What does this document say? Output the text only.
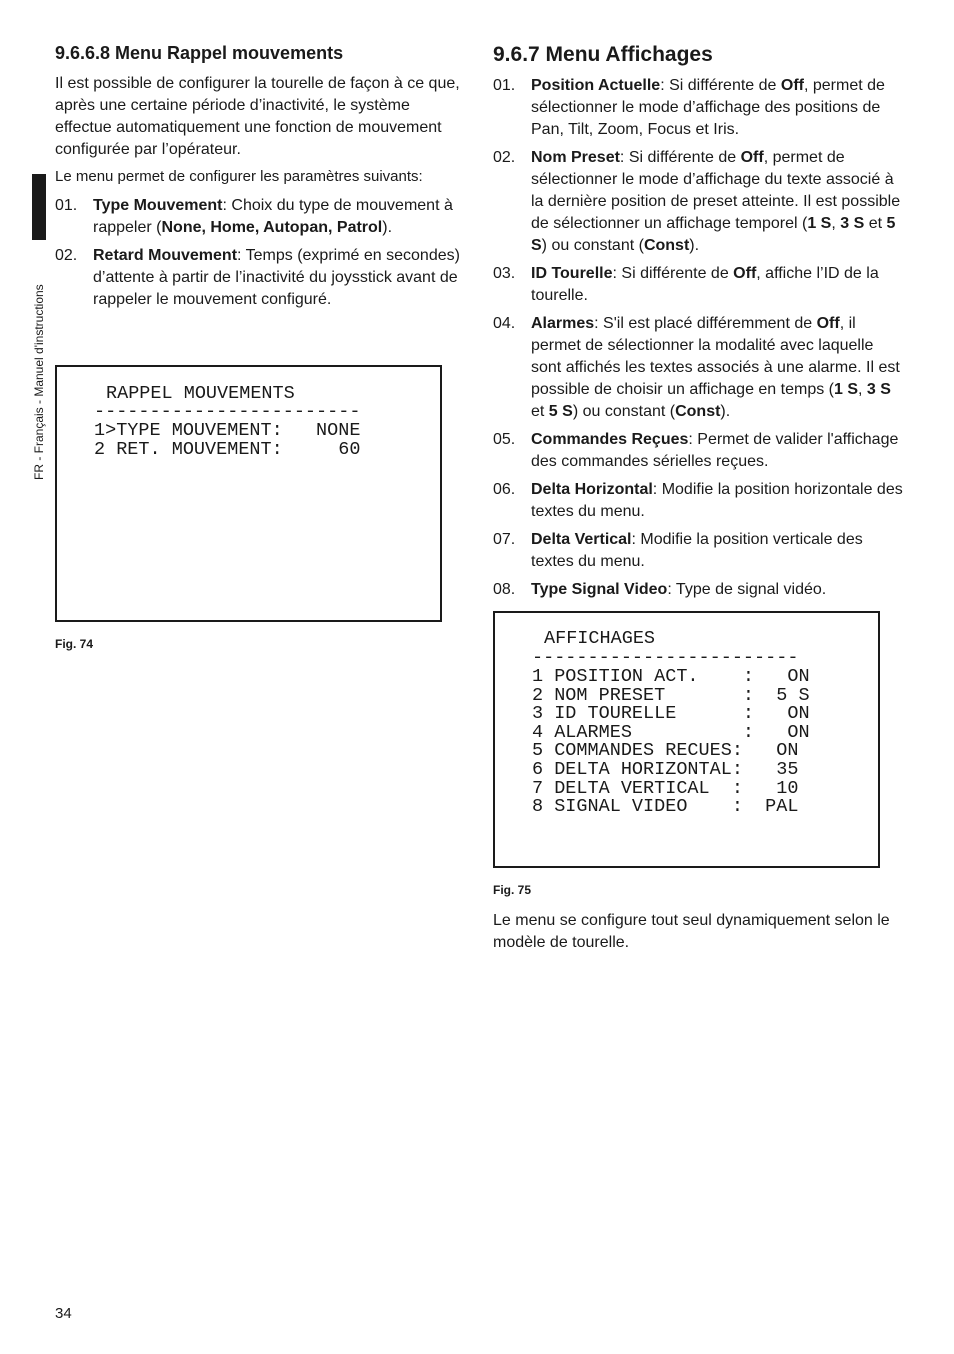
FR - Français - Manuel d'instructions
9.6.6.8 Menu Rappel mouvements

Il est possible de configurer la tourelle de façon à ce que, après une certaine période d’inactivité, le système effectue automatiquement une fonction de mouvement configurée par l’opérateur.

Le menu permet de configurer les paramètres suivants:

01. Type Mouvement: Choix du type de mouvement à rappeler (None, Home, Autopan, Patrol).
02. Retard Mouvement: Temps (exprimé en secondes) d’attente à partir de l’inactivité du joysstick avant de rappeler le mouvement configuré.

RAPPEL MOUVEMENTS

------------------------

1>TYPE MOUVEMENT:   NONE

2 RET. MOUVEMENT:     60

Fig. 74
9.6.7 Menu Affichages
01. Position Actuelle: Si différente de Off, permet de sélectionner le mode d’affichage des positions de Pan, Tilt, Zoom, Focus et Iris.
02. Nom Preset: Si différente de Off, permet de sélectionner le mode d’affichage du texte associé à la dernière position de preset atteinte. Il est possible de sélectionner un affichage temporel (1 S, 3 S et 5 S) ou constant (Const).
03. ID Tourelle: Si différente de Off, affiche l’ID de la tourelle.
04. Alarmes: S'il est placé différemment de Off, il permet de sélectionner la modalité avec laquelle sont affichés les textes associés à une alarme. Il est possible de choisir un affichage en temps (1 S, 3 S et 5 S) ou constant (Const).
05. Commandes Reçues: Permet de valider l'affichage des commandes sérielles reçues.
06. Delta Horizontal: Modifie la position horizontale des textes du menu.
07. Delta Vertical: Modifie la position verticale des textes du menu.
08. Type Signal Video: Type de signal vidéo.

AFFICHAGES

------------------------

1 POSITION ACT.    :   ON
2 NOM PRESET       :  5 S
3 ID TOURELLE      :   ON
4 ALARMES          :   ON
5 COMMANDES RECUES:   ON
6 DELTA HORIZONTAL:   35
7 DELTA VERTICAL  :   10
8 SIGNAL VIDEO    :  PAL

Fig. 75
Le menu se configure tout seul dynamiquement selon le modèle de tourelle.
34
